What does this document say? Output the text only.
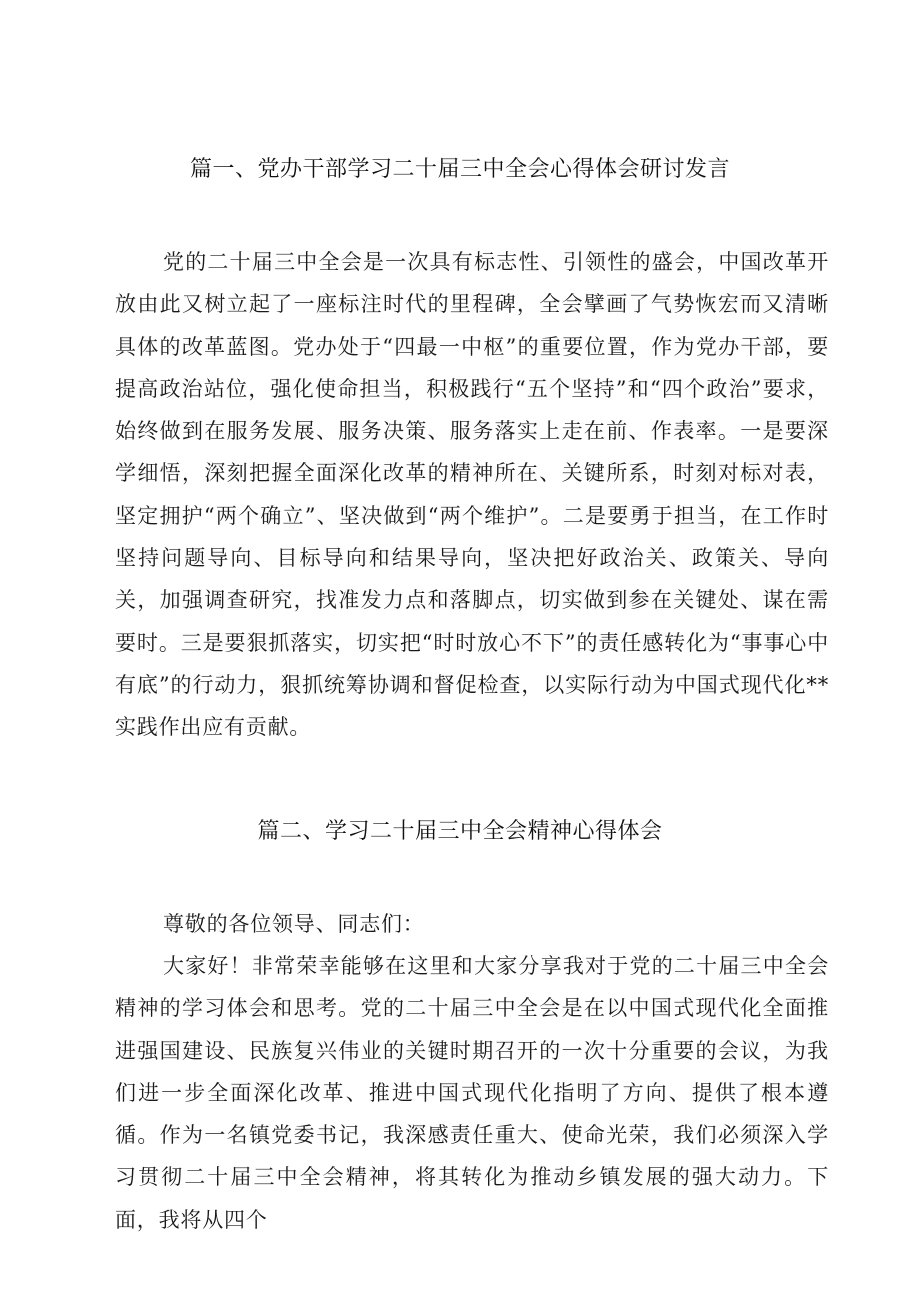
篇一、党办干部学习二十届三中全会心得体会研讨发言

党的二十届三中全会是一次具有标志性、引领性的盛会，中国改革开放由此又树立起了一座标注时代的里程碑，全会擘画了气势恢宏而又清晰具体的改革蓝图。党办处于“四最一中枢”的重要位置，作为党办干部，要提高政治站位，强化使命担当，积极践行“五个坚持”和“四个政治”要求，始终做到在服务发展、服务决策、服务落实上走在前、作表率。一是要深学细悟，深刻把握全面深化改革的精神所在、关键所系，时刻对标对表，坚定拥护“两个确立”、坚决做到“两个维护”。二是要勇于担当，在工作时坚持问题导向、目标导向和结果导向，坚决把好政治关、政策关、导向关，加强调查研究，找准发力点和落脚点，切实做到参在关键处、谋在需要时。三是要狠抓落实，切实把“时时放心不下”的责任感转化为“事事心中有底”的行动力，狠抓统筹协调和督促检查，以实际行动为中国式现代化**实践作出应有贡献。

篇二、学习二十届三中全会精神心得体会

尊敬的各位领导、同志们：

大家好！非常荣幸能够在这里和大家分享我对于党的二十届三中全会精神的学习体会和思考。党的二十届三中全会是在以中国式现代化全面推进强国建设、民族复兴伟业的关键时期召开的一次十分重要的会议，为我们进一步全面深化改革、推进中国式现代化指明了方向、提供了根本遵循。作为一名镇党委书记，我深感责任重大、使命光荣，我们必须深入学习贯彻二十届三中全会精神，将其转化为推动乡镇发展的强大动力。下面，我将从四个
